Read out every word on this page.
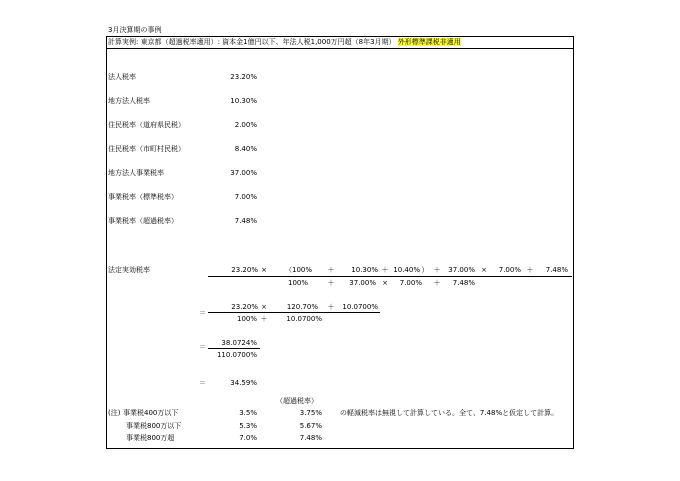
3月決算期の事例
計算実例: 東京都（超過税率適用）: 資本金1億円以下、年法人税1,000万円超（8年3月期） 外形標準課税非適用
法人税率	23.20%
地方法人税率	10.30%
住民税率（道府県民税）	2.00%
住民税率（市町村民税）	8.40%
地方法人事業税率	37.00%
事業税率（標準税率）	7.00%
事業税率（超過税率）	7.48%
法定実効税率	23.20% ×	（100% ＋	10.30% ＋ 10.40% ） ＋	37.00% ×	7.00% ＋	7.48%
100%	＋	37.00% ×	7.00% ＋	7.48%
＝
23.20% ×	120.70% ＋	10.0700%
100% ＋	10.0700%
＝	38.0724%
110.0700%
＝	34.59%
（超過税率）
(注) 事業税400万以下	3.5%	3.75%	の軽減税率は無視して計算している。全て、7.48%と仮定して計算。
事業税800万以下	5.3%	5.67%
事業税800万超	7.0%	7.48%
